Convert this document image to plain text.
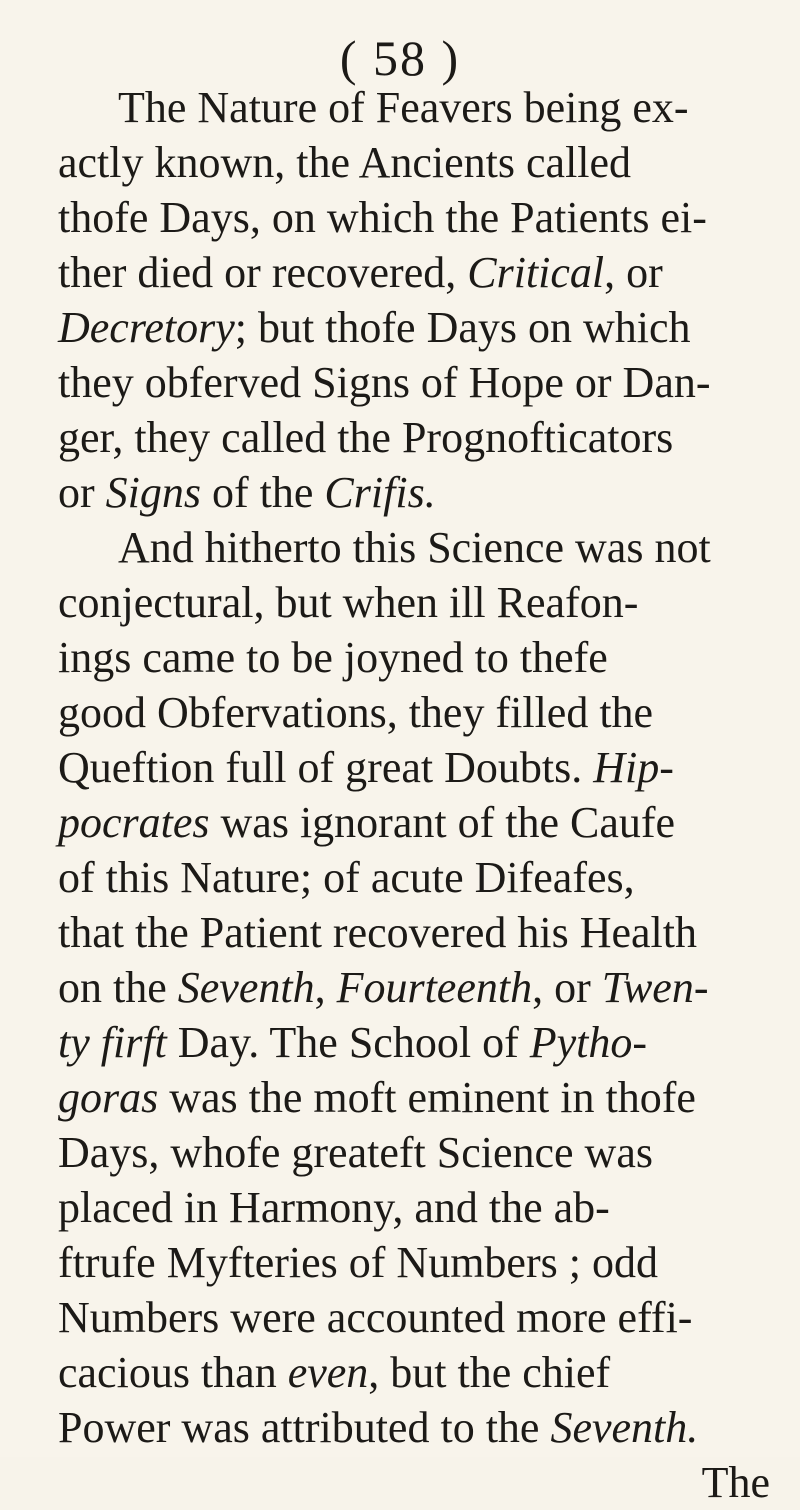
( 58 )
The Nature of Feavers being ex-
actly known, the Ancients called
thofe Days, on which the Patients ei-
ther died or recovered, Critical, or
Decretory; but thofe Days on which
they obferved Signs of Hope or Dan-
ger, they called the Prognofticators
or Signs of the Crifis.
And hitherto this Science was not
conjectural, but when ill Reafon-
ings came to be joyned to thefe
good Obfervations, they filled the
Queftion full of great Doubts. Hip-
pocrates was ignorant of the Caufe
of this Nature; of acute Difeafes,
that the Patient recovered his Health
on the Seventh, Fourteenth, or Twen-
ty firft Day. The School of Pytho-
goras was the moft eminent in thofe
Days, whofe greateft Science was
placed in Harmony, and the ab-
ftrufe Myfteries of Numbers ; odd
Numbers were accounted more effi-
cacious than even, but the chief
Power was attributed to the Seventh.
The
